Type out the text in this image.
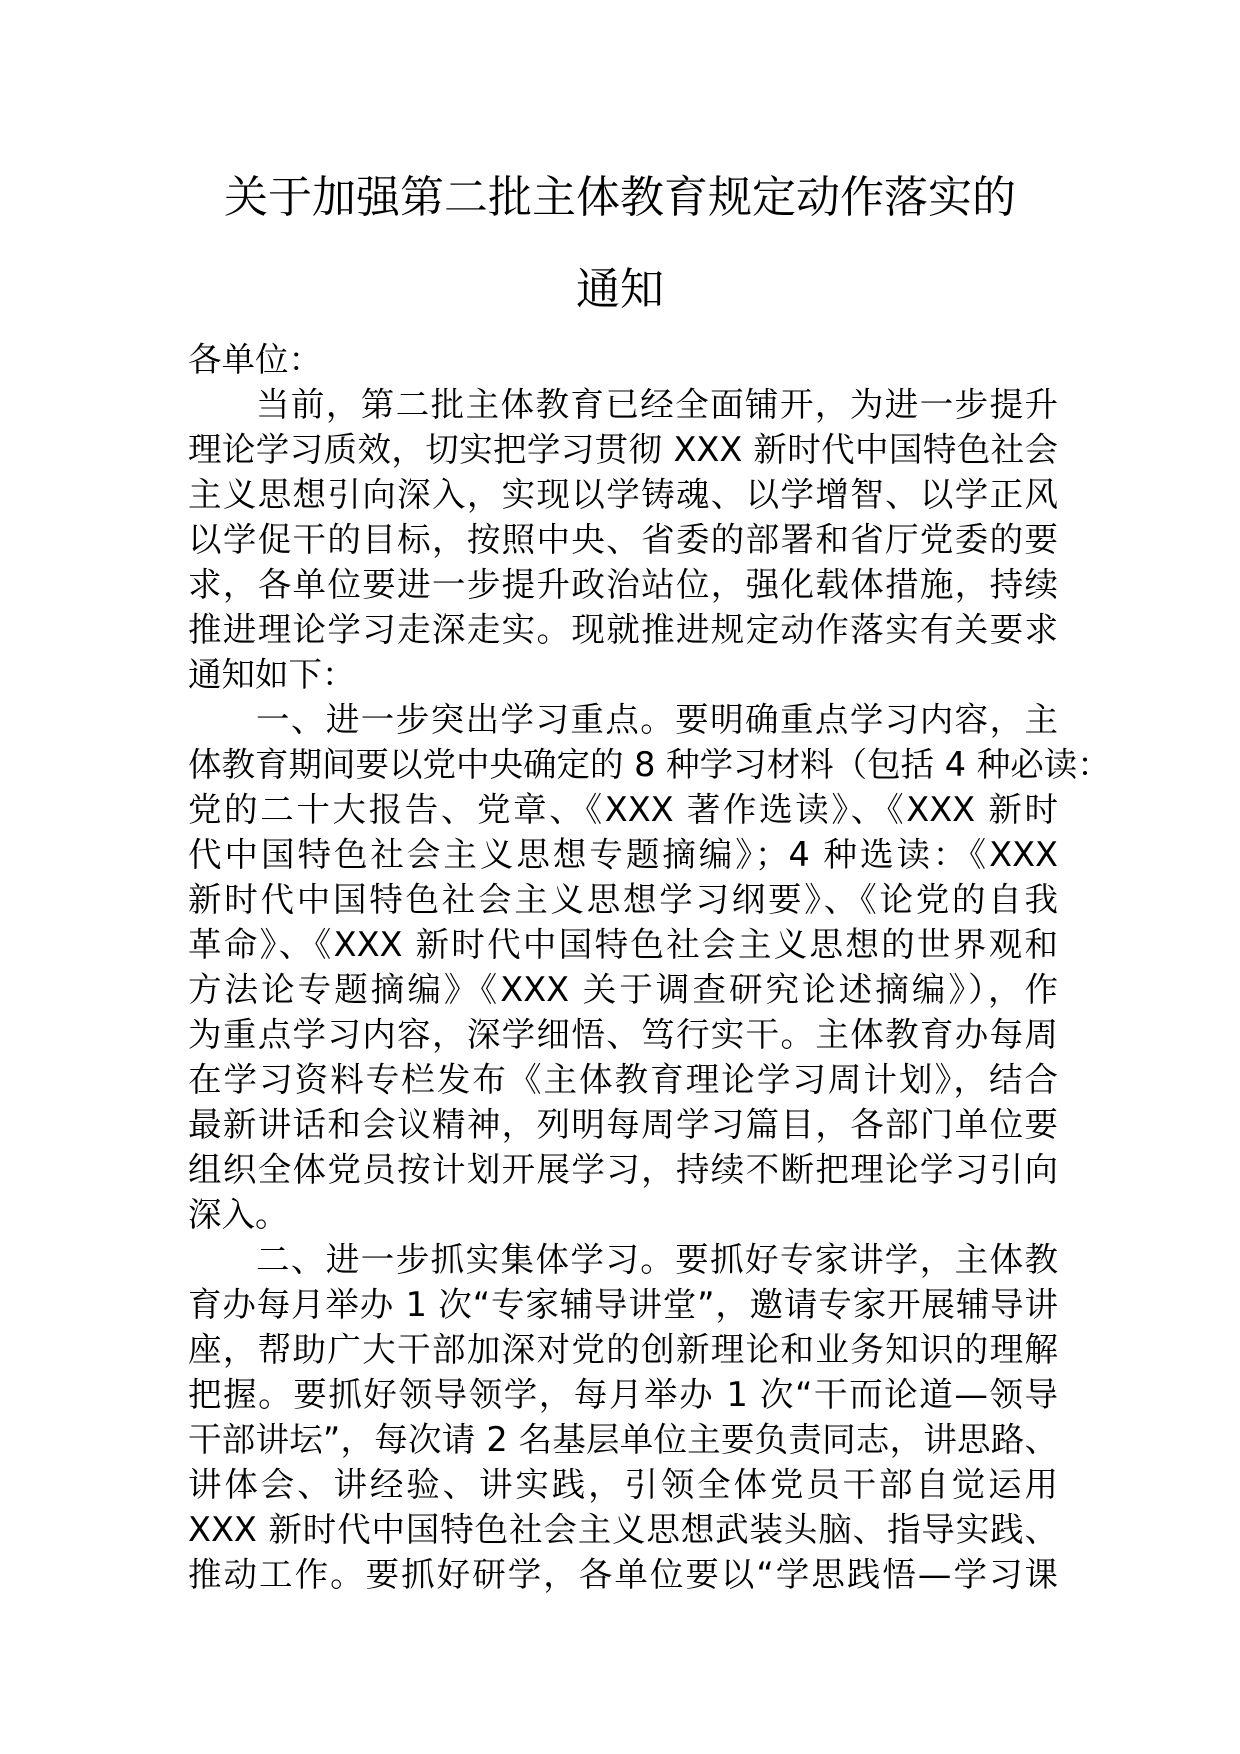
关于加强第二批主体教育规定动作落实的
通知
各单位：
当前，第二批主体教育已经全面铺开，为进一步提升
理论学习质效，切实把学习贯彻 XXX 新时代中国特色社会
主义思想引向深入，实现以学铸魂、以学增智、以学正风
以学促干的目标，按照中央、省委的部署和省厅党委的要
求，各单位要进一步提升政治站位，强化载体措施，持续
推进理论学习走深走实。现就推进规定动作落实有关要求
通知如下：
一、进一步突出学习重点。要明确重点学习内容，主
体教育期间要以党中央确定的 8 种学习材料（包括 4 种必读：
党的二十大报告、党章、《XXX 著作选读》、《XXX 新时
代中国特色社会主义思想专题摘编》；4 种选读：《XXX
新时代中国特色社会主义思想学习纲要》、《论党的自我
革命》、《XXX 新时代中国特色社会主义思想的世界观和
方法论专题摘编》《XXX 关于调查研究论述摘编》），作
为重点学习内容，深学细悟、笃行实干。主体教育办每周
在学习资料专栏发布《主体教育理论学习周计划》，结合
最新讲话和会议精神，列明每周学习篇目，各部门单位要
组织全体党员按计划开展学习，持续不断把理论学习引向
深入。
二、进一步抓实集体学习。要抓好专家讲学，主体教
育办每月举办 1 次“专家辅导讲堂”，邀请专家开展辅导讲
座，帮助广大干部加深对党的创新理论和业务知识的理解
把握。要抓好领导领学，每月举办 1 次“干而论道—领导
干部讲坛”，每次请 2 名基层单位主要负责同志，讲思路、
讲体会、讲经验、讲实践，引领全体党员干部自觉运用
XXX 新时代中国特色社会主义思想武装头脑、指导实践、
推动工作。要抓好研学，各单位要以“学思践悟—学习课
